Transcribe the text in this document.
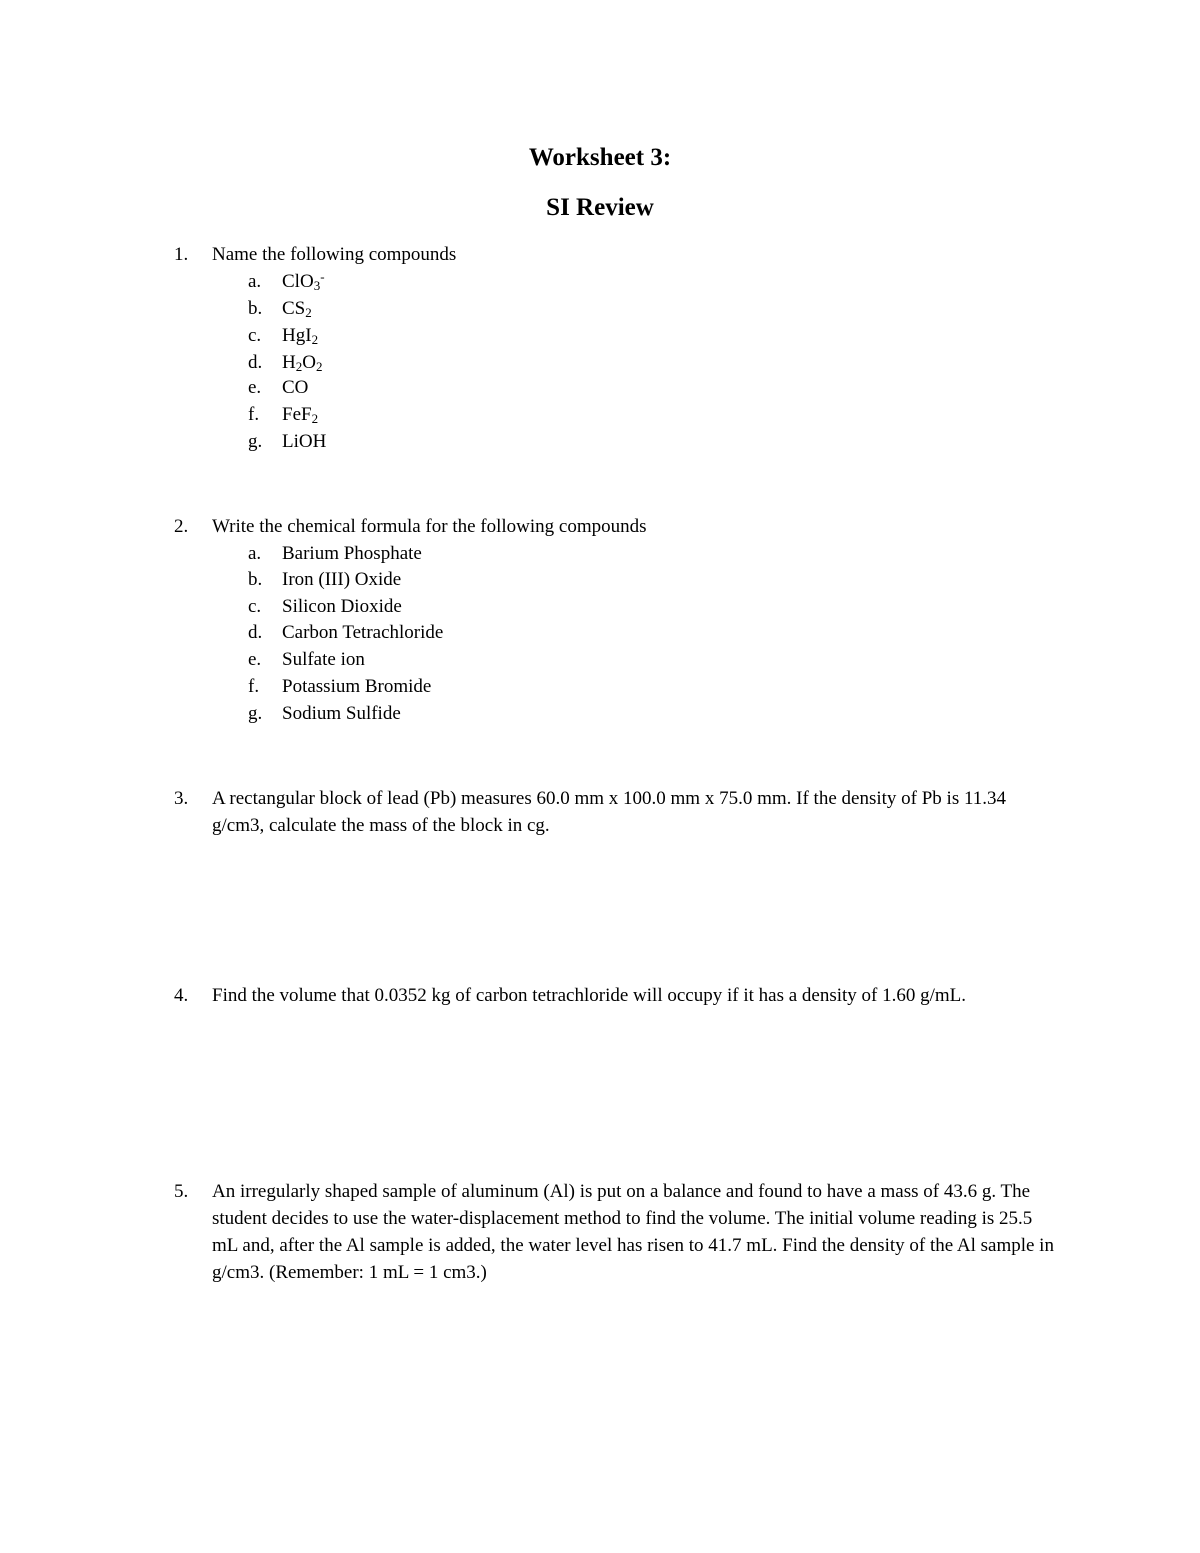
Worksheet 3:
SI Review
1. Name the following compounds

a. ClO$_3$-
b. $CS_2$
c. HgI$_2$
d. $H_2O_2$
e. CO
f. FeF$_2$
g. LiOH
2. Write the chemical formula for the following compounds

a. Barium Phosphate
b. Iron (III) Oxide
c. Silicon Dioxide
d. Carbon Tetrachloride
e. Sulfate ion
f. Potassium Bromide
g. Sodium Sulfide
3. A rectangular block of lead (Pb) measures 60.0 mm x 100.0 mm x 75.0 mm. If the density of Pb is 11.34 g/cm3, calculate the mass of the block in cg.

4. Find the volume that 0.0352 kg of carbon tetrachloride will occupy if it has a density of 1.60 g/mL.

5. An irregularly shaped sample of aluminum (Al) is put on a balance and found to have a mass of 43.6 g. The student decides to use the water-displacement method to find the volume. The initial volume reading is 25.5 mL and, after the Al sample is added, the water level has risen to 41.7 mL. Find the density of the Al sample in g/cm3. (Remember: 1 mL = 1 cm3.)
